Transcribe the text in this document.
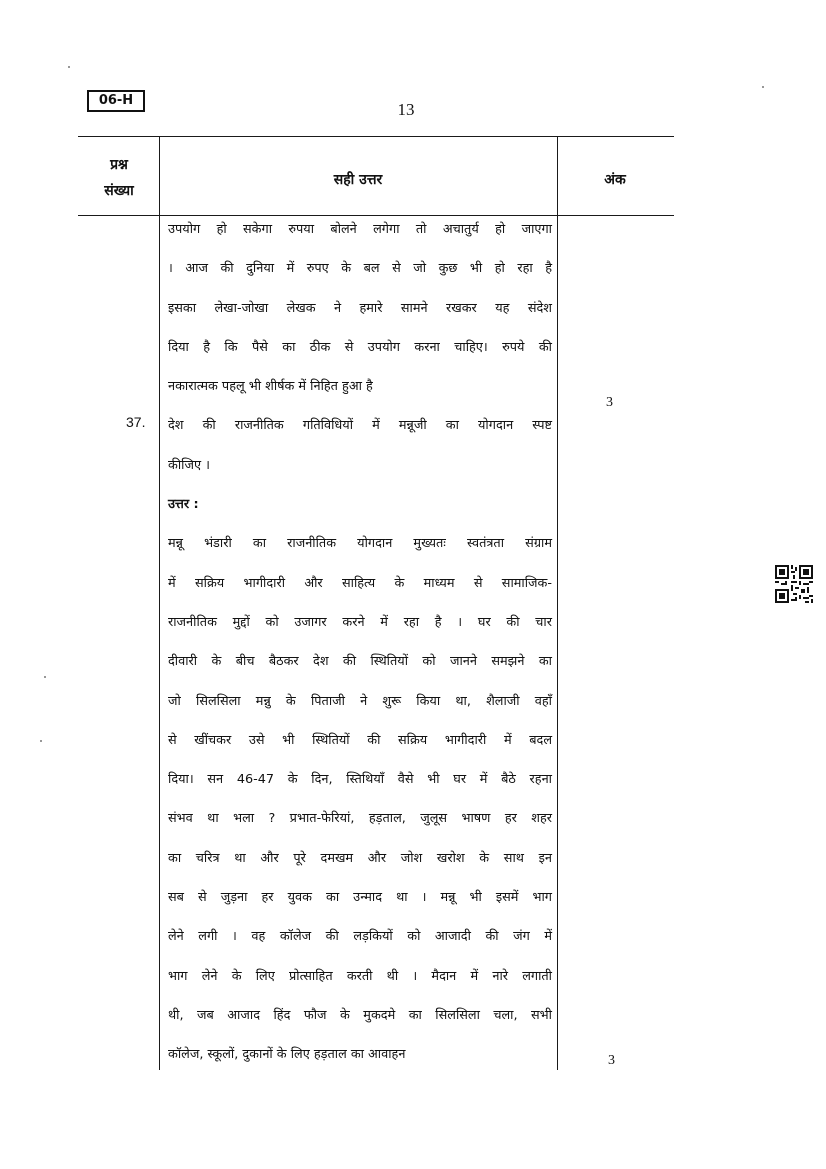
06-H	13
प्रश्न
संख्या
सही उत्तर	अंक
37.
3
3
उपयोग हो सकेगा रुपया बोलने लगेगा तो अचातुर्य हो जाएगा
। आज की दुनिया में रुपए के बल से जो कुछ भी हो रहा है
इसका लेखा-जोखा लेखक ने हमारे सामने रखकर यह संदेश
दिया है कि पैसे का ठीक से उपयोग करना चाहिए। रुपये की
नकारात्मक पहलू भी शीर्षक में निहित हुआ है
देश की राजनीतिक गतिविधियों में मन्नूजी का योगदान स्पष्ट
कीजिए ।
उत्तर :
मन्नू भंडारी का राजनीतिक योगदान मुख्यतः स्वतंत्रता संग्राम
में सक्रिय भागीदारी और साहित्य के माध्यम से सामाजिक-
राजनीतिक मुद्दों को उजागर करने में रहा है । घर की चार
दीवारी के बीच बैठकर देश की स्थितियों को जानने समझने का
जो सिलसिला मन्नु के पिताजी ने शुरू किया था, शैलाजी वहाँ
से खींचकर उसे भी स्थितियों की सक्रिय भागीदारी में बदल
दिया। सन 46-47 के दिन, स्तिथियाँ वैसे भी घर में बैठे रहना
संभव था भला ? प्रभात-फेरियां, हड़ताल, जुलूस भाषण हर शहर
का चरित्र था और पूरे दमखम और जोश खरोश के साथ इन
सब से जुड़ना हर युवक का उन्माद था । मन्नू भी इसमें भाग
लेने लगी । वह कॉलेज की लड़कियों को आजादी की जंग में
भाग लेने के लिए प्रोत्साहित करती थी । मैदान में नारे लगाती
थी, जब आजाद हिंद फौज के मुकदमे का सिलसिला चला, सभी
कॉलेज, स्कूलों, दुकानों के लिए हड़ताल का आवाहन
